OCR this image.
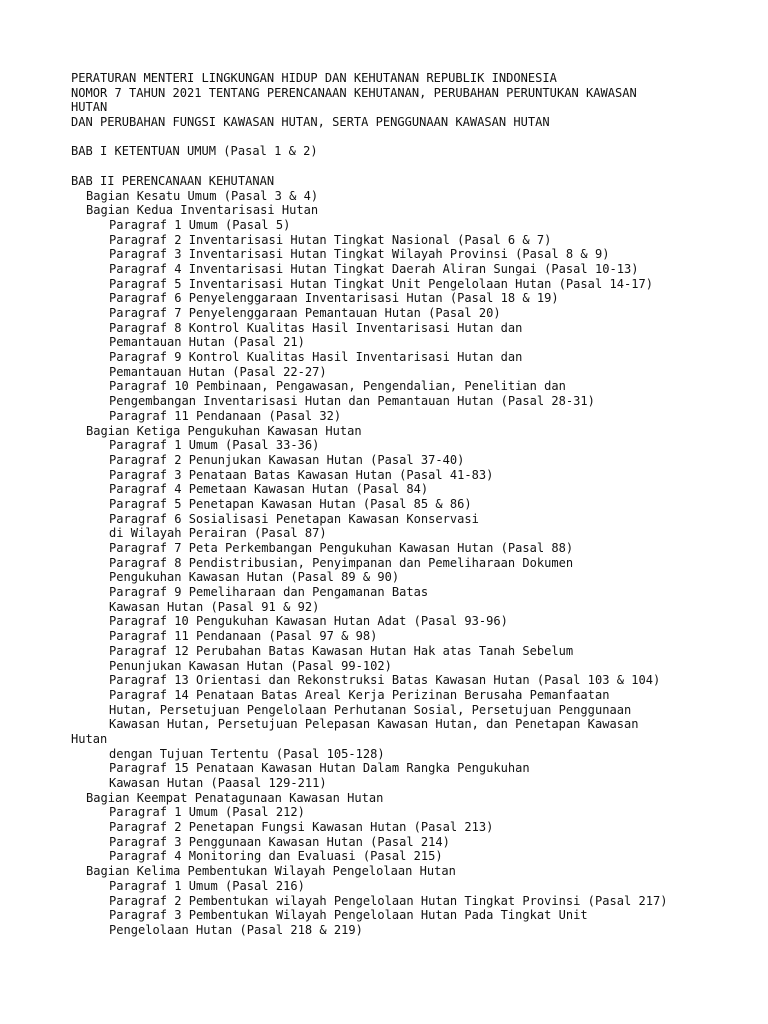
PERATURAN MENTERI LINGKUNGAN HIDUP DAN KEHUTANAN REPUBLIK INDONESIA
NOMOR 7 TAHUN 2021 TENTANG PERENCANAAN KEHUTANAN, PERUBAHAN PERUNTUKAN KAWASAN
HUTAN
DAN PERUBAHAN FUNGSI KAWASAN HUTAN, SERTA PENGGUNAAN KAWASAN HUTAN
BAB I KETENTUAN UMUM (Pasal 1 & 2)
BAB II PERENCANAAN KEHUTANAN
Bagian Kesatu Umum (Pasal 3 & 4)
Bagian Kedua Inventarisasi Hutan
Paragraf 1 Umum (Pasal 5)
Paragraf 2 Inventarisasi Hutan Tingkat Nasional (Pasal 6 & 7)
Paragraf 3 Inventarisasi Hutan Tingkat Wilayah Provinsi (Pasal 8 & 9)
Paragraf 4 Inventarisasi Hutan Tingkat Daerah Aliran Sungai (Pasal 10-13)
Paragraf 5 Inventarisasi Hutan Tingkat Unit Pengelolaan Hutan (Pasal 14-17)
Paragraf 6 Penyelenggaraan Inventarisasi Hutan (Pasal 18 & 19)
Paragraf 7 Penyelenggaraan Pemantauan Hutan (Pasal 20)
Paragraf 8 Kontrol Kualitas Hasil Inventarisasi Hutan dan
Pemantauan Hutan (Pasal 21)
Paragraf 9 Kontrol Kualitas Hasil Inventarisasi Hutan dan
Pemantauan Hutan (Pasal 22-27)
Paragraf 10 Pembinaan, Pengawasan, Pengendalian, Penelitian dan
Pengembangan Inventarisasi Hutan dan Pemantauan Hutan (Pasal 28-31)
Paragraf 11 Pendanaan (Pasal 32)
Bagian Ketiga Pengukuhan Kawasan Hutan
Paragraf 1 Umum (Pasal 33-36)
Paragraf 2 Penunjukan Kawasan Hutan (Pasal 37-40)
Paragraf 3 Penataan Batas Kawasan Hutan (Pasal 41-83)
Paragraf 4 Pemetaan Kawasan Hutan (Pasal 84)
Paragraf 5 Penetapan Kawasan Hutan (Pasal 85 & 86)
Paragraf 6 Sosialisasi Penetapan Kawasan Konservasi
di Wilayah Perairan (Pasal 87)
Paragraf 7 Peta Perkembangan Pengukuhan Kawasan Hutan (Pasal 88)
Paragraf 8 Pendistribusian, Penyimpanan dan Pemeliharaan Dokumen
Pengukuhan Kawasan Hutan (Pasal 89 & 90)
Paragraf 9 Pemeliharaan dan Pengamanan Batas
Kawasan Hutan (Pasal 91 & 92)
Paragraf 10 Pengukuhan Kawasan Hutan Adat (Pasal 93-96)
Paragraf 11 Pendanaan (Pasal 97 & 98)
Paragraf 12 Perubahan Batas Kawasan Hutan Hak atas Tanah Sebelum
Penunjukan Kawasan Hutan (Pasal 99-102)
Paragraf 13 Orientasi dan Rekonstruksi Batas Kawasan Hutan (Pasal 103 & 104)
Paragraf 14 Penataan Batas Areal Kerja Perizinan Berusaha Pemanfaatan
Hutan, Persetujuan Pengelolaan Perhutanan Sosial, Persetujuan Penggunaan
Kawasan Hutan, Persetujuan Pelepasan Kawasan Hutan, dan Penetapan Kawasan
Hutan
dengan Tujuan Tertentu (Pasal 105-128)
Paragraf 15 Penataan Kawasan Hutan Dalam Rangka Pengukuhan
Kawasan Hutan (Paasal 129-211)
Bagian Keempat Penatagunaan Kawasan Hutan
Paragraf 1 Umum (Pasal 212)
Paragraf 2 Penetapan Fungsi Kawasan Hutan (Pasal 213)
Paragraf 3 Penggunaan Kawasan Hutan (Pasal 214)
Paragraf 4 Monitoring dan Evaluasi (Pasal 215)
Bagian Kelima Pembentukan Wilayah Pengelolaan Hutan
Paragraf 1 Umum (Pasal 216)
Paragraf 2 Pembentukan wilayah Pengelolaan Hutan Tingkat Provinsi (Pasal 217)
Paragraf 3 Pembentukan Wilayah Pengelolaan Hutan Pada Tingkat Unit
Pengelolaan Hutan (Pasal 218 & 219)
